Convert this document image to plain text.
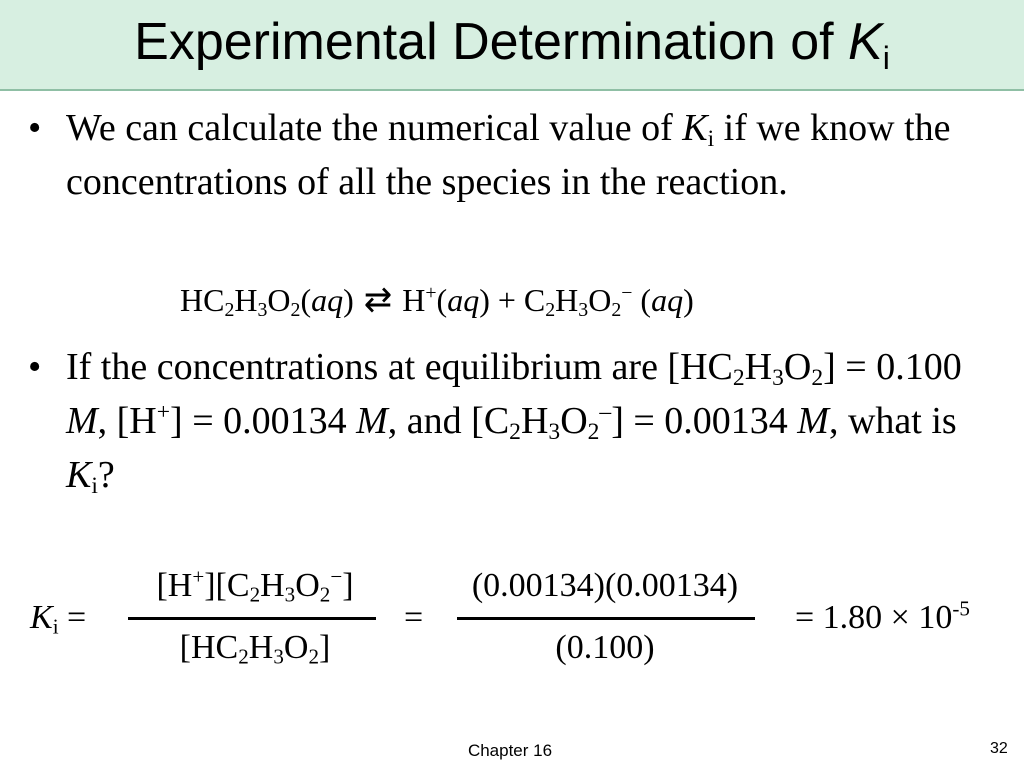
Experimental Determination of $K_i$
• We can calculate the numerical value of $K_i$ if we know the concentrations of all the species in the reaction.
$HC_2H_3O_2(aq)$ ⇄ $H^+(aq) + C_2H_3O_2^-$ (aq)
• If the concentrations at equilibrium are $[HC_2H_3O_2] = 0.100$ M, [H+] = 0.00134 M, and $[C_2H_3O_2^-] = 0.00134$ M, what is $K_i$?
$K_i$ =
$[H^+][C_2H_3O_2^-]$
$[HC_2H_3O_2]$
=
(0.00134)(0.00134)
(0.100)
= $1.80 \times 10^{-5}$
Chapter 16	32
